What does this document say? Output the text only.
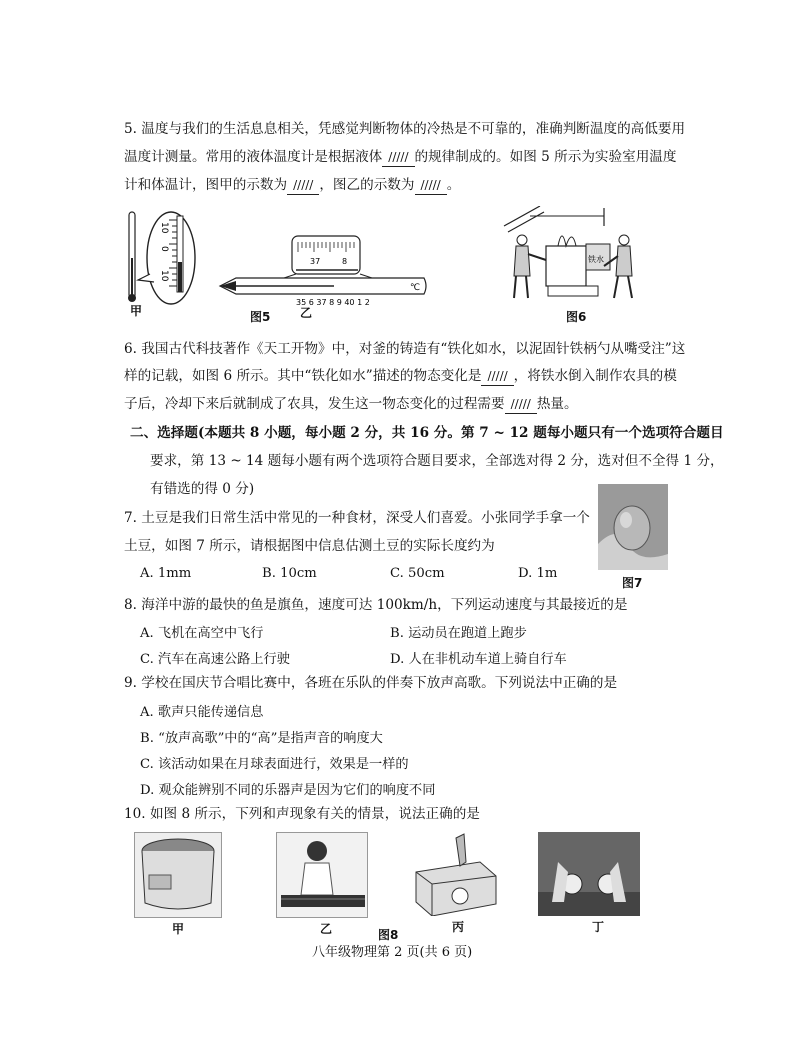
5. 温度与我们的生活息息相关，凭感觉判断物体的冷热是不可靠的，准确判断温度的高低要用
温度计测量。常用的液体温度计是根据液体 ///// 的规律制成的。如图 5 所示为实验室用温度
计和体温计，图甲的示数为 ///// ，图乙的示数为 ///// 。
10
0
10
35 6 37 8 9 40 1 2
℃
37	8
甲	乙
图5
铁水
图6
6. 我国古代科技著作《天工开物》中，对釜的铸造有“铁化如水，以泥固针铁柄勺从嘴受注”这
样的记载，如图 6 所示。其中“铁化如水”描述的物态变化是 ///// ，将铁水倒入制作农具的模
子后，冷却下来后就制成了农具，发生这一物态变化的过程需要 ///// 热量。
二、选择题(本题共 8 小题，每小题 2 分，共 16 分。第 7 ~ 12 题每小题只有一个选项符合题目
要求，第 13 ~ 14 题每小题有两个选项符合题目要求，全部选对得 2 分，选对但不全得 1 分，
有错选的得 0 分)
7. 土豆是我们日常生活中常见的一种食材，深受人们喜爱。小张同学手拿一个
土豆，如图 7 所示，请根据图中信息估测土豆的实际长度约为
A. 1mm	B. 10cm	C. 50cm	D. 1m
图7
8. 海洋中游的最快的鱼是旗鱼，速度可达 100km/h，下列运动速度与其最接近的是
A. 飞机在高空中飞行	B. 运动员在跑道上跑步
C. 汽车在高速公路上行驶	D. 人在非机动车道上骑自行车
9. 学校在国庆节合唱比赛中，各班在乐队的伴奏下放声高歌。下列说法中正确的是
A. 歌声只能传递信息
B. “放声高歌”中的“高”是指声音的响度大
C. 该活动如果在月球表面进行，效果是一样的
D. 观众能辨别不同的乐器声是因为它们的响度不同
10. 如图 8 所示，下列和声现象有关的情景，说法正确的是
甲	乙	丙	丁
图8
八年级物理第 2 页(共 6 页)
